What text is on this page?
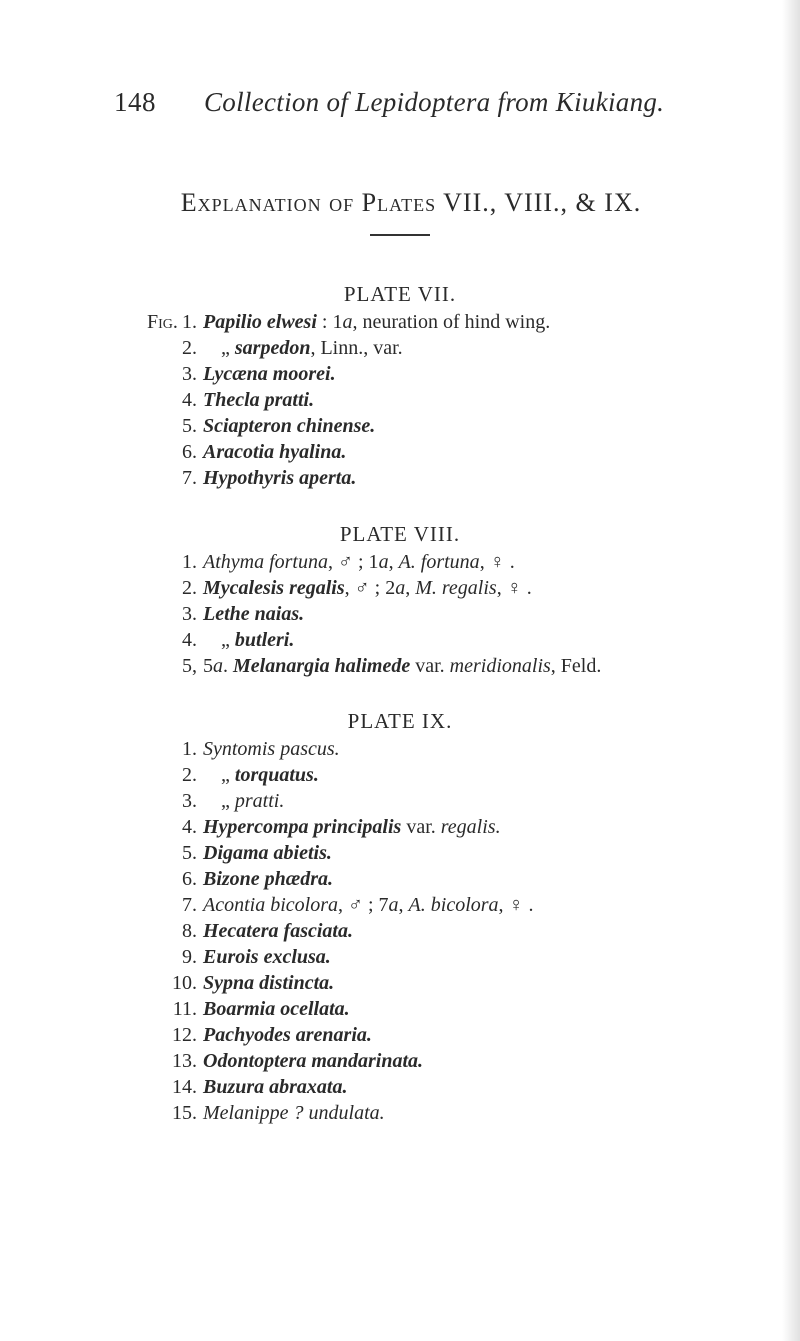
148 Collection of Lepidoptera from Kiukiang.
Explanation of Plates VII., VIII., & IX.
PLATE VII.
Fig. 1. Papilio elwesi : 1a, neuration of hind wing.
2.	„ sarpedon, Linn., var.
3. Lycæna moorei.
4. Thecla pratti.
5. Sciapteron chinense.
6. Aracotia hyalina.
7. Hypothyris aperta.
PLATE VIII.
1. Athyma fortuna, ♂ ; 1a, A. fortuna, ♀ .
2. Mycalesis regalis, ♂ ; 2a, M. regalis, ♀ .
3. Lethe naias.
4.	„ butleri.
5, 5a. Melanargia halimede var. meridionalis, Feld.
PLATE IX.
1. Syntomis pascus.
2.	„ torquatus.
3.	„ pratti.
4. Hypercompa principalis var. regalis.
5. Digama abietis.
6. Bizone phædra.
7. Acontia bicolora, ♂ ; 7a, A. bicolora, ♀ .
8. Hecatera fasciata.
9. Eurois exclusa.
10. Sypna distincta.
11. Boarmia ocellata.
12. Pachyodes arenaria.
13. Odontoptera mandarinata.
14. Buzura abraxata.
15. Melanippe ? undulata.
